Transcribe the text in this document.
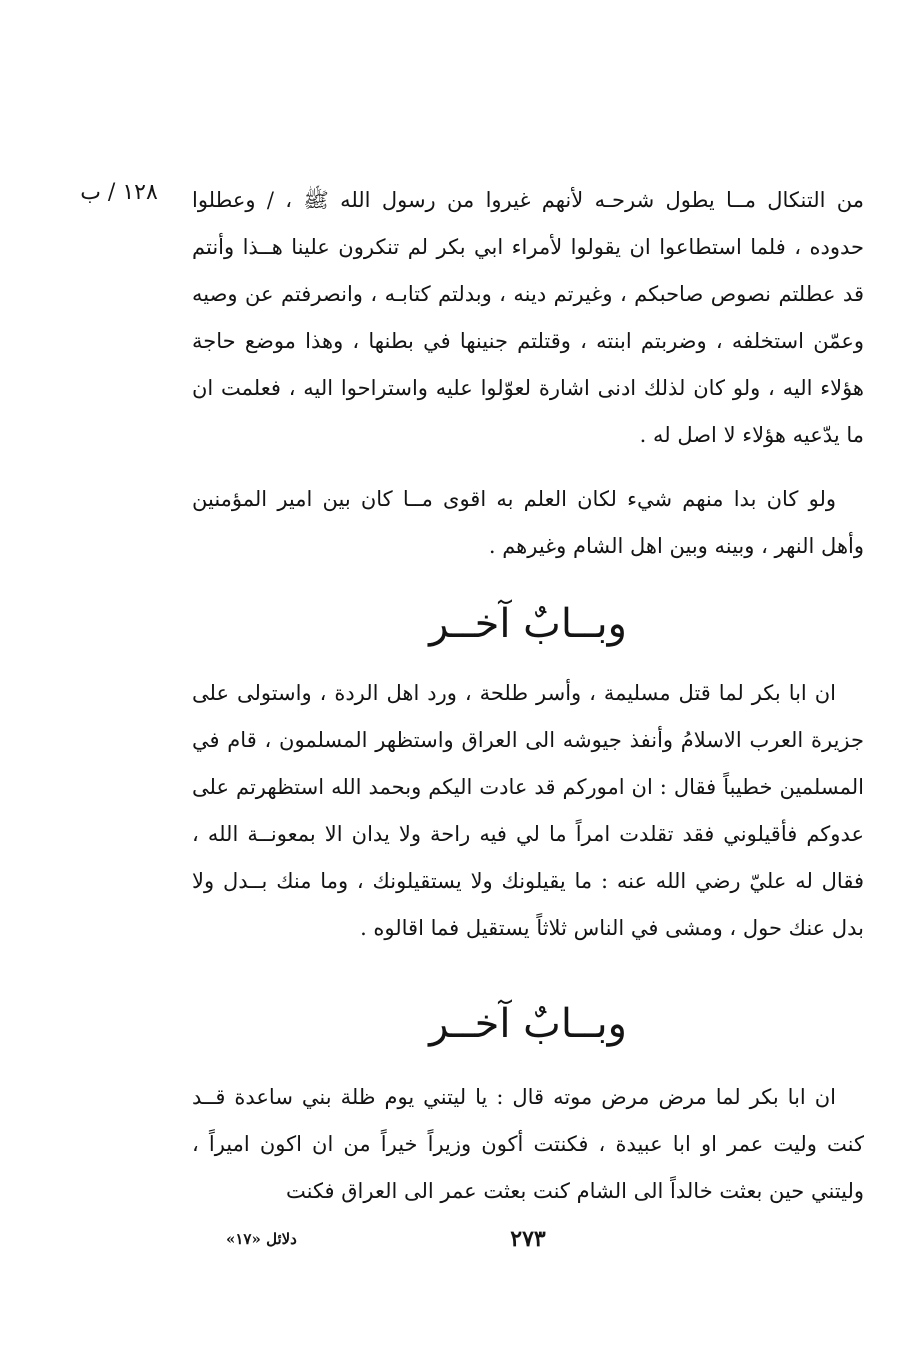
١٢٨ / ب	من التنكال مــا يطول شرحـه لأنهم غيروا من رسول الله ﷺ ، / وعطلوا حدوده ، فلما استطاعوا ان يقولوا لأمراء ابي بكر لم تنكرون علينا هــذا وأنتم قد عطلتم نصوص صاحبكم ، وغيرتم دينه ، وبدلتم كتابـه ، وانصرفتم عن وصيه وعمّن استخلفه ، وضربتم ابنته ، وقتلتم جنينها في بطنها ، وهذا موضع حاجة هؤلاء اليه ، ولو كان لذلك ادنى اشارة لعوّلوا عليه واستراحوا اليه ، فعلمت ان ما يدّعيه هؤلاء لا اصل له .

ولو كان بدا منهم شيء لكان العلم به اقوى مــا كان بين امير المؤمنين وأهل النهر ، وبينه وبين اهل الشام وغيرهم .

وبــابٌ آخــر

ان ابا بكر لما قتل مسليمة ، وأسر طلحة ، ورد اهل الردة ، واستولى على جزيرة العرب الاسلامُ وأنفذ جيوشه الى العراق واستظهر المسلمون ، قام في المسلمين خطيباً فقال : ان اموركم قد عادت اليكم وبحمد الله استظهرتم على عدوكم فأقيلوني فقد تقلدت امراً ما لي فيه راحة ولا يدان الا بمعونــة الله ، فقال له عليّ رضي الله عنه : ما يقيلونك ولا يستقيلونك ، وما منك بــدل ولا بدل عنك حول ، ومشى في الناس ثلاثاً يستقيل فما اقالوه .

وبــابٌ آخــر

ان ابا بكر لما مرض مرض موته قال : يا ليتني يوم ظلة بني ساعدة قــد كنت وليت عمر او ابا عبيدة ، فكنتت أكون وزيراً خيراً من ان اكون اميراً ، وليتني حين بعثت خالداً الى الشام كنت بعثت عمر الى العراق فكنت

٢٧٣
دلائل «١٧»
